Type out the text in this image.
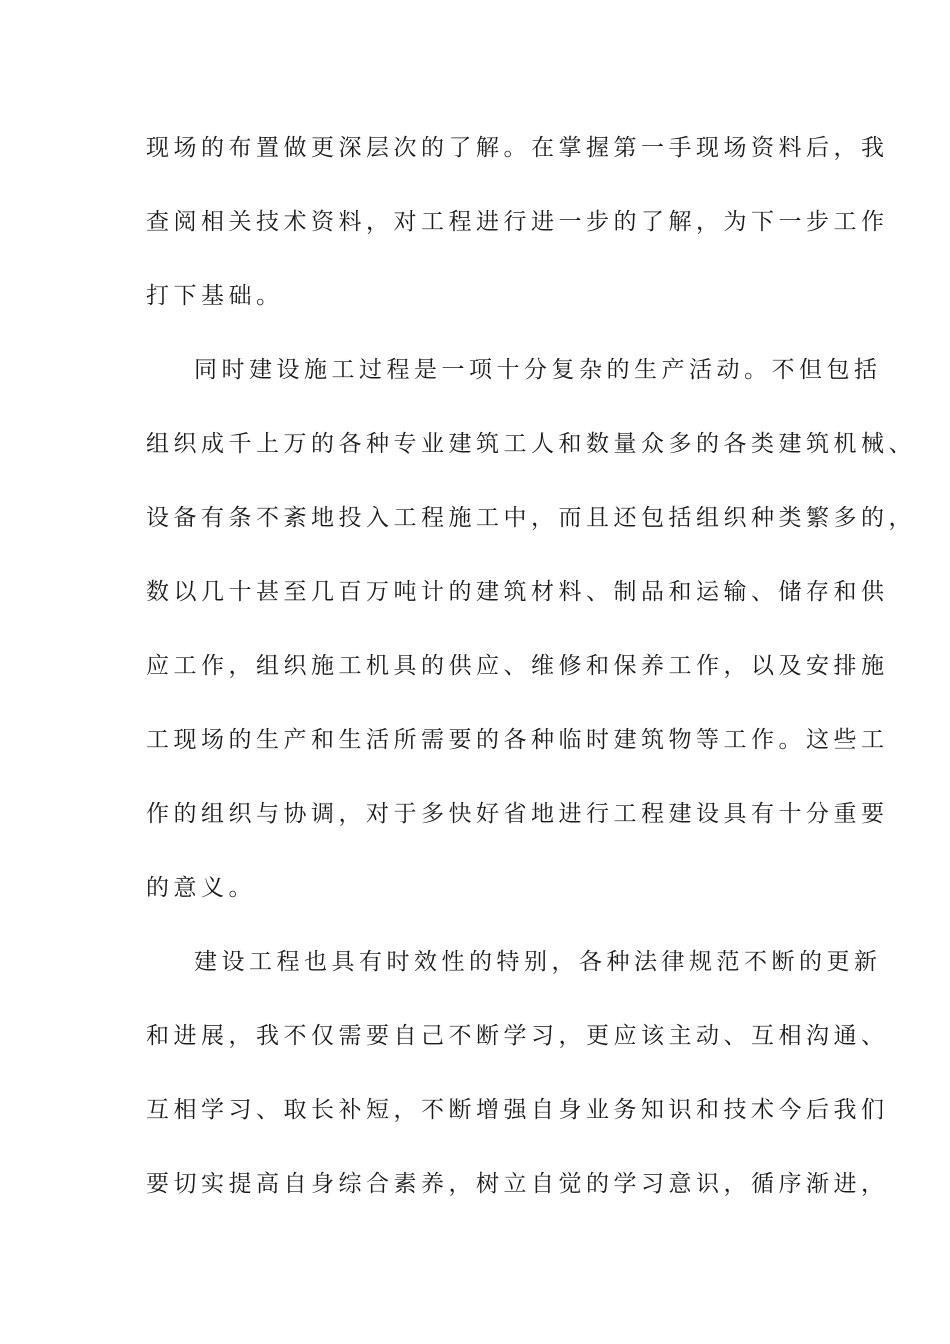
现场的布置做更深层次的了解。在掌握第一手现场资料后，我
查阅相关技术资料，对工程进行进一步的了解，为下一步工作
打下基础。
同时建设施工过程是一项十分复杂的生产活动。不但包括
组织成千上万的各种专业建筑工人和数量众多的各类建筑机械、
设备有条不紊地投入工程施工中，而且还包括组织种类繁多的，
数以几十甚至几百万吨计的建筑材料、制品和运输、储存和供
应工作，组织施工机具的供应、维修和保养工作，以及安排施
工现场的生产和生活所需要的各种临时建筑物等工作。这些工
作的组织与协调，对于多快好省地进行工程建设具有十分重要
的意义。
建设工程也具有时效性的特别，各种法律规范不断的更新
和进展，我不仅需要自己不断学习，更应该主动、互相沟通、
互相学习、取长补短，不断增强自身业务知识和技术今后我们
要切实提高自身综合素养，树立自觉的学习意识，循序渐进，
